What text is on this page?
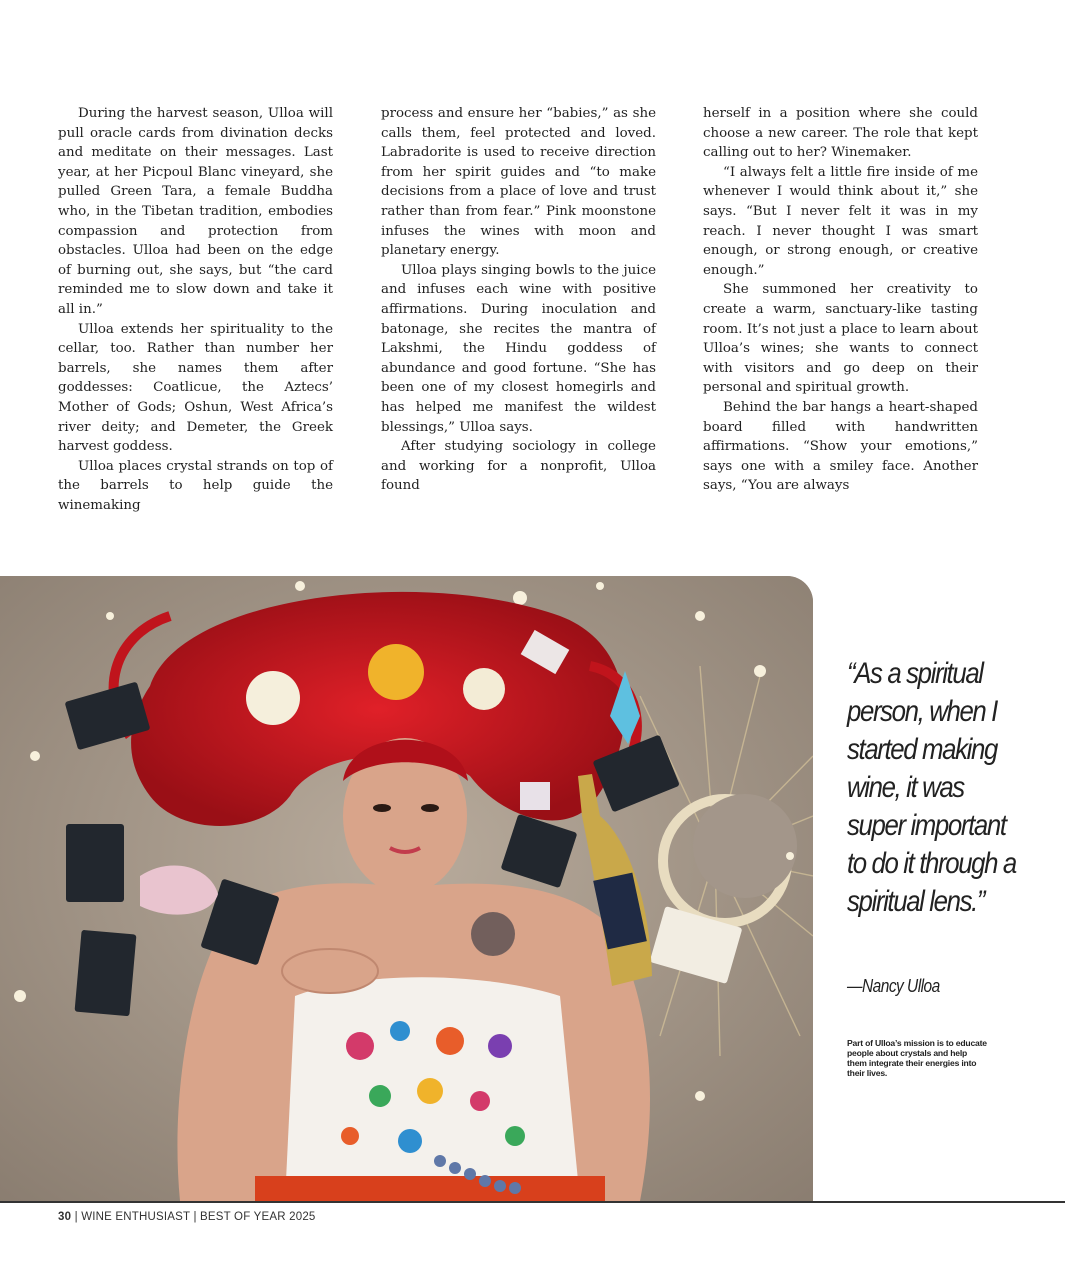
During the harvest season, Ulloa will pull oracle cards from divination decks and meditate on their messages. Last year, at her Picpoul Blanc vineyard, she pulled Green Tara, a female Buddha who, in the Tibetan tradition, embodies compassion and protection from obstacles. Ulloa had been on the edge of burning out, she says, but “the card reminded me to slow down and take it all in.”

Ulloa extends her spirituality to the cellar, too. Rather than number her barrels, she names them after goddesses: Coatlicue, the Aztecs’ Mother of Gods; Oshun, West Africa’s river deity; and Demeter, the Greek harvest goddess.

Ulloa places crystal strands on top of the barrels to help guide the winemaking

process and ensure her “babies,” as she calls them, feel protected and loved. Labradorite is used to receive direction from her spirit guides and “to make decisions from a place of love and trust rather than from fear.” Pink moonstone infuses the wines with moon and planetary energy.

Ulloa plays singing bowls to the juice and infuses each wine with positive affirmations. During inoculation and batonage, she recites the mantra of Lakshmi, the Hindu goddess of abundance and good fortune. “She has been one of my closest homegirls and has helped me manifest the wildest blessings,” Ulloa says.

After studying sociology in college and working for a nonprofit, Ulloa found

herself in a position where she could choose a new career. The role that kept calling out to her? Winemaker.

“I always felt a little fire inside of me whenever I would think about it,” she says. “But I never felt it was in my reach. I never thought I was smart enough, or strong enough, or creative enough.”

She summoned her creativity to create a warm, sanctuary-like tasting room. It’s not just a place to learn about Ulloa’s wines; she wants to connect with visitors and go deep on their personal and spiritual growth.

Behind the bar hangs a heart-shaped board filled with handwritten affirmations. “Show your emotions,” says one with a smiley face. Another says, “You are always

“As a spiritual person, when I started making wine, it was super important to do it through a spiritual lens.”

—Nancy Ulloa
Part of Ulloa’s mission is to educate people about crystals and help them integrate their energies into their lives.
30 | WINE ENTHUSIAST | BEST OF YEAR 2025
